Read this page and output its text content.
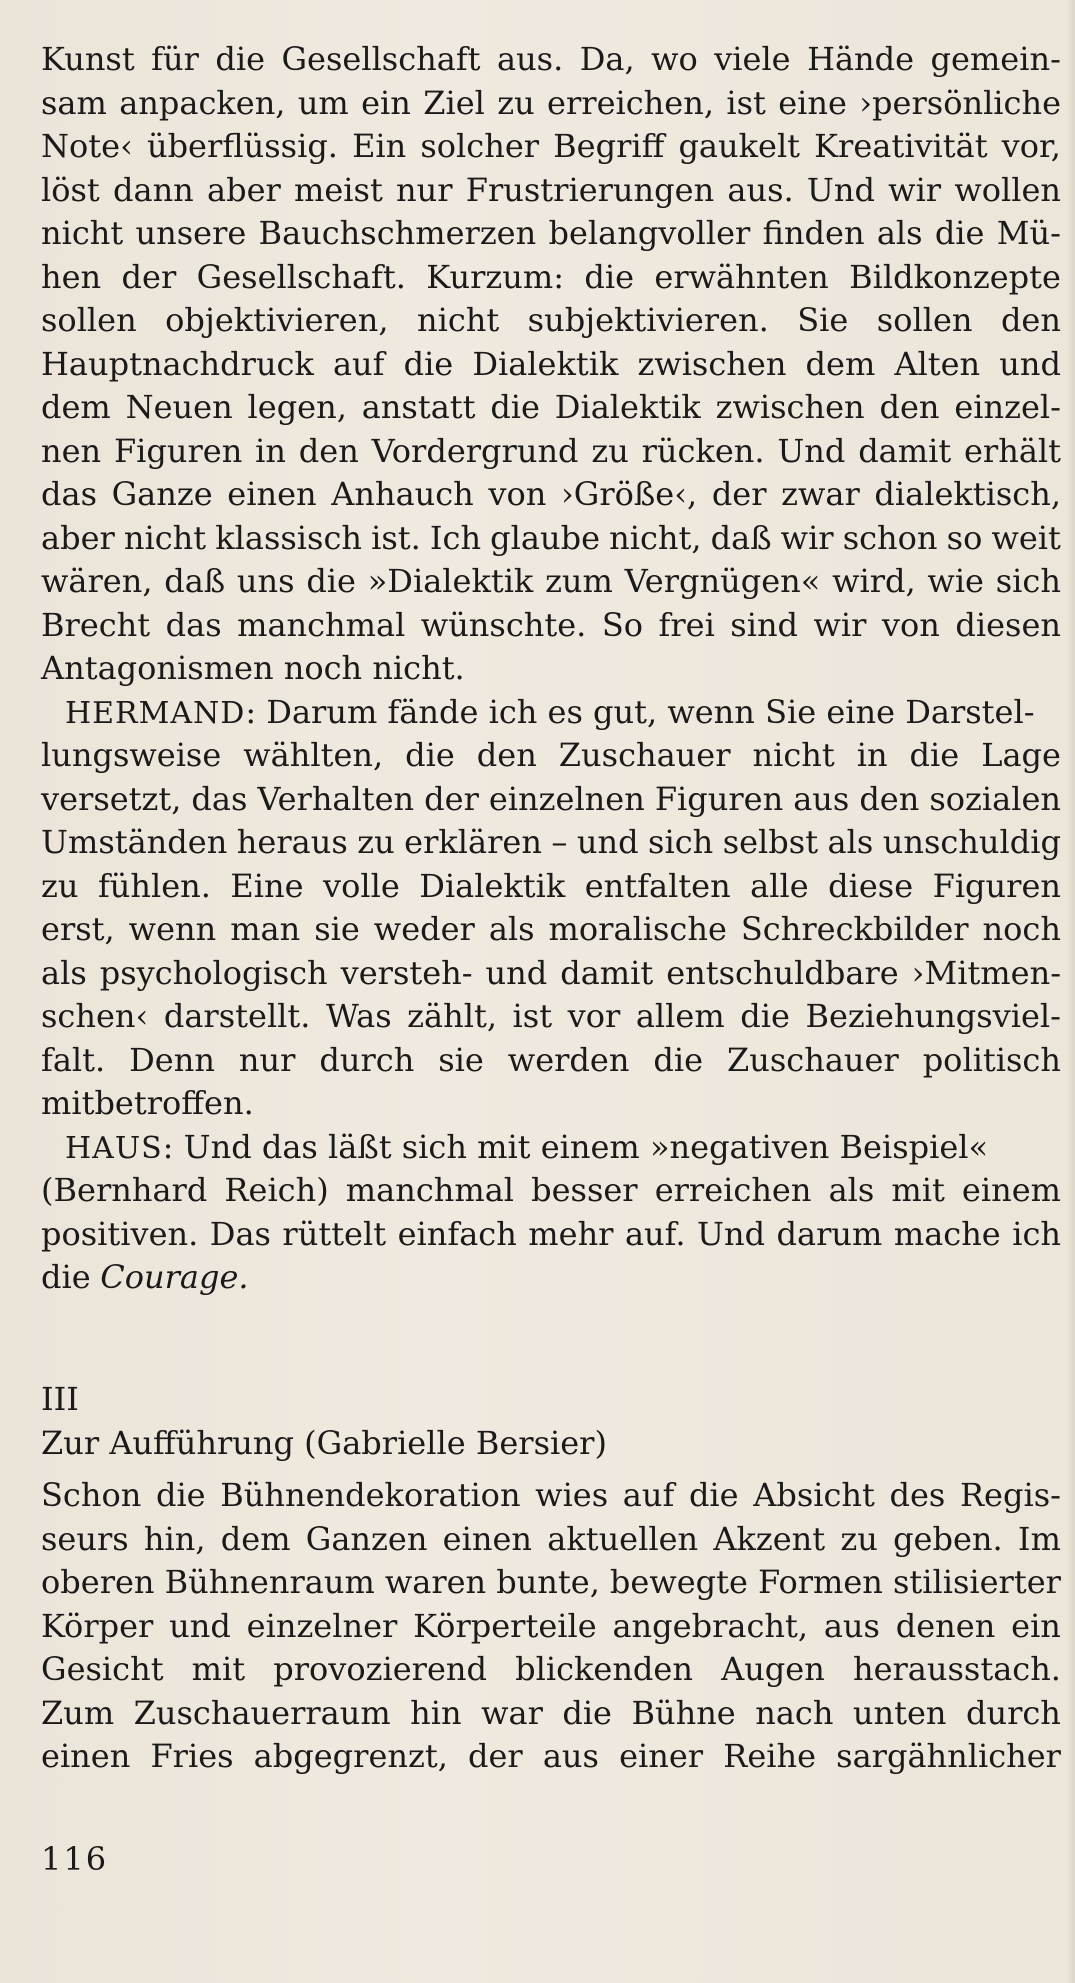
Kunst für die Gesellschaft aus. Da, wo viele Hände gemein-
sam anpacken, um ein Ziel zu erreichen, ist eine ›persönliche
Note‹ überflüssig. Ein solcher Begriff gaukelt Kreativität vor,
löst dann aber meist nur Frustrierungen aus. Und wir wollen
nicht unsere Bauchschmerzen belangvoller finden als die Mü-
hen der Gesellschaft. Kurzum: die erwähnten Bildkonzepte
sollen objektivieren, nicht subjektivieren. Sie sollen den
Hauptnachdruck auf die Dialektik zwischen dem Alten und
dem Neuen legen, anstatt die Dialektik zwischen den einzel-
nen Figuren in den Vordergrund zu rücken. Und damit erhält
das Ganze einen Anhauch von ›Größe‹, der zwar dialektisch,
aber nicht klassisch ist. Ich glaube nicht, daß wir schon so weit
wären, daß uns die »Dialektik zum Vergnügen« wird, wie sich
Brecht das manchmal wünschte. So frei sind wir von diesen
Antagonismen noch nicht.
HERMAND: Darum fände ich es gut, wenn Sie eine Darstel-
lungsweise wählten, die den Zuschauer nicht in die Lage
versetzt, das Verhalten der einzelnen Figuren aus den sozialen
Umständen heraus zu erklären – und sich selbst als unschuldig
zu fühlen. Eine volle Dialektik entfalten alle diese Figuren
erst, wenn man sie weder als moralische Schreckbilder noch
als psychologisch versteh- und damit entschuldbare ›Mitmen-
schen‹ darstellt. Was zählt, ist vor allem die Beziehungsviel-
falt. Denn nur durch sie werden die Zuschauer politisch
mitbetroffen.
HAUS: Und das läßt sich mit einem »negativen Beispiel«
(Bernhard Reich) manchmal besser erreichen als mit einem
positiven. Das rüttelt einfach mehr auf. Und darum mache ich
die Courage.
III
Zur Aufführung (Gabrielle Bersier)
Schon die Bühnendekoration wies auf die Absicht des Regis-
seurs hin, dem Ganzen einen aktuellen Akzent zu geben. Im
oberen Bühnenraum waren bunte, bewegte Formen stilisierter
Körper und einzelner Körperteile angebracht, aus denen ein
Gesicht mit provozierend blickenden Augen herausstach.
Zum Zuschauerraum hin war die Bühne nach unten durch
einen Fries abgegrenzt, der aus einer Reihe sargähnlicher
116
